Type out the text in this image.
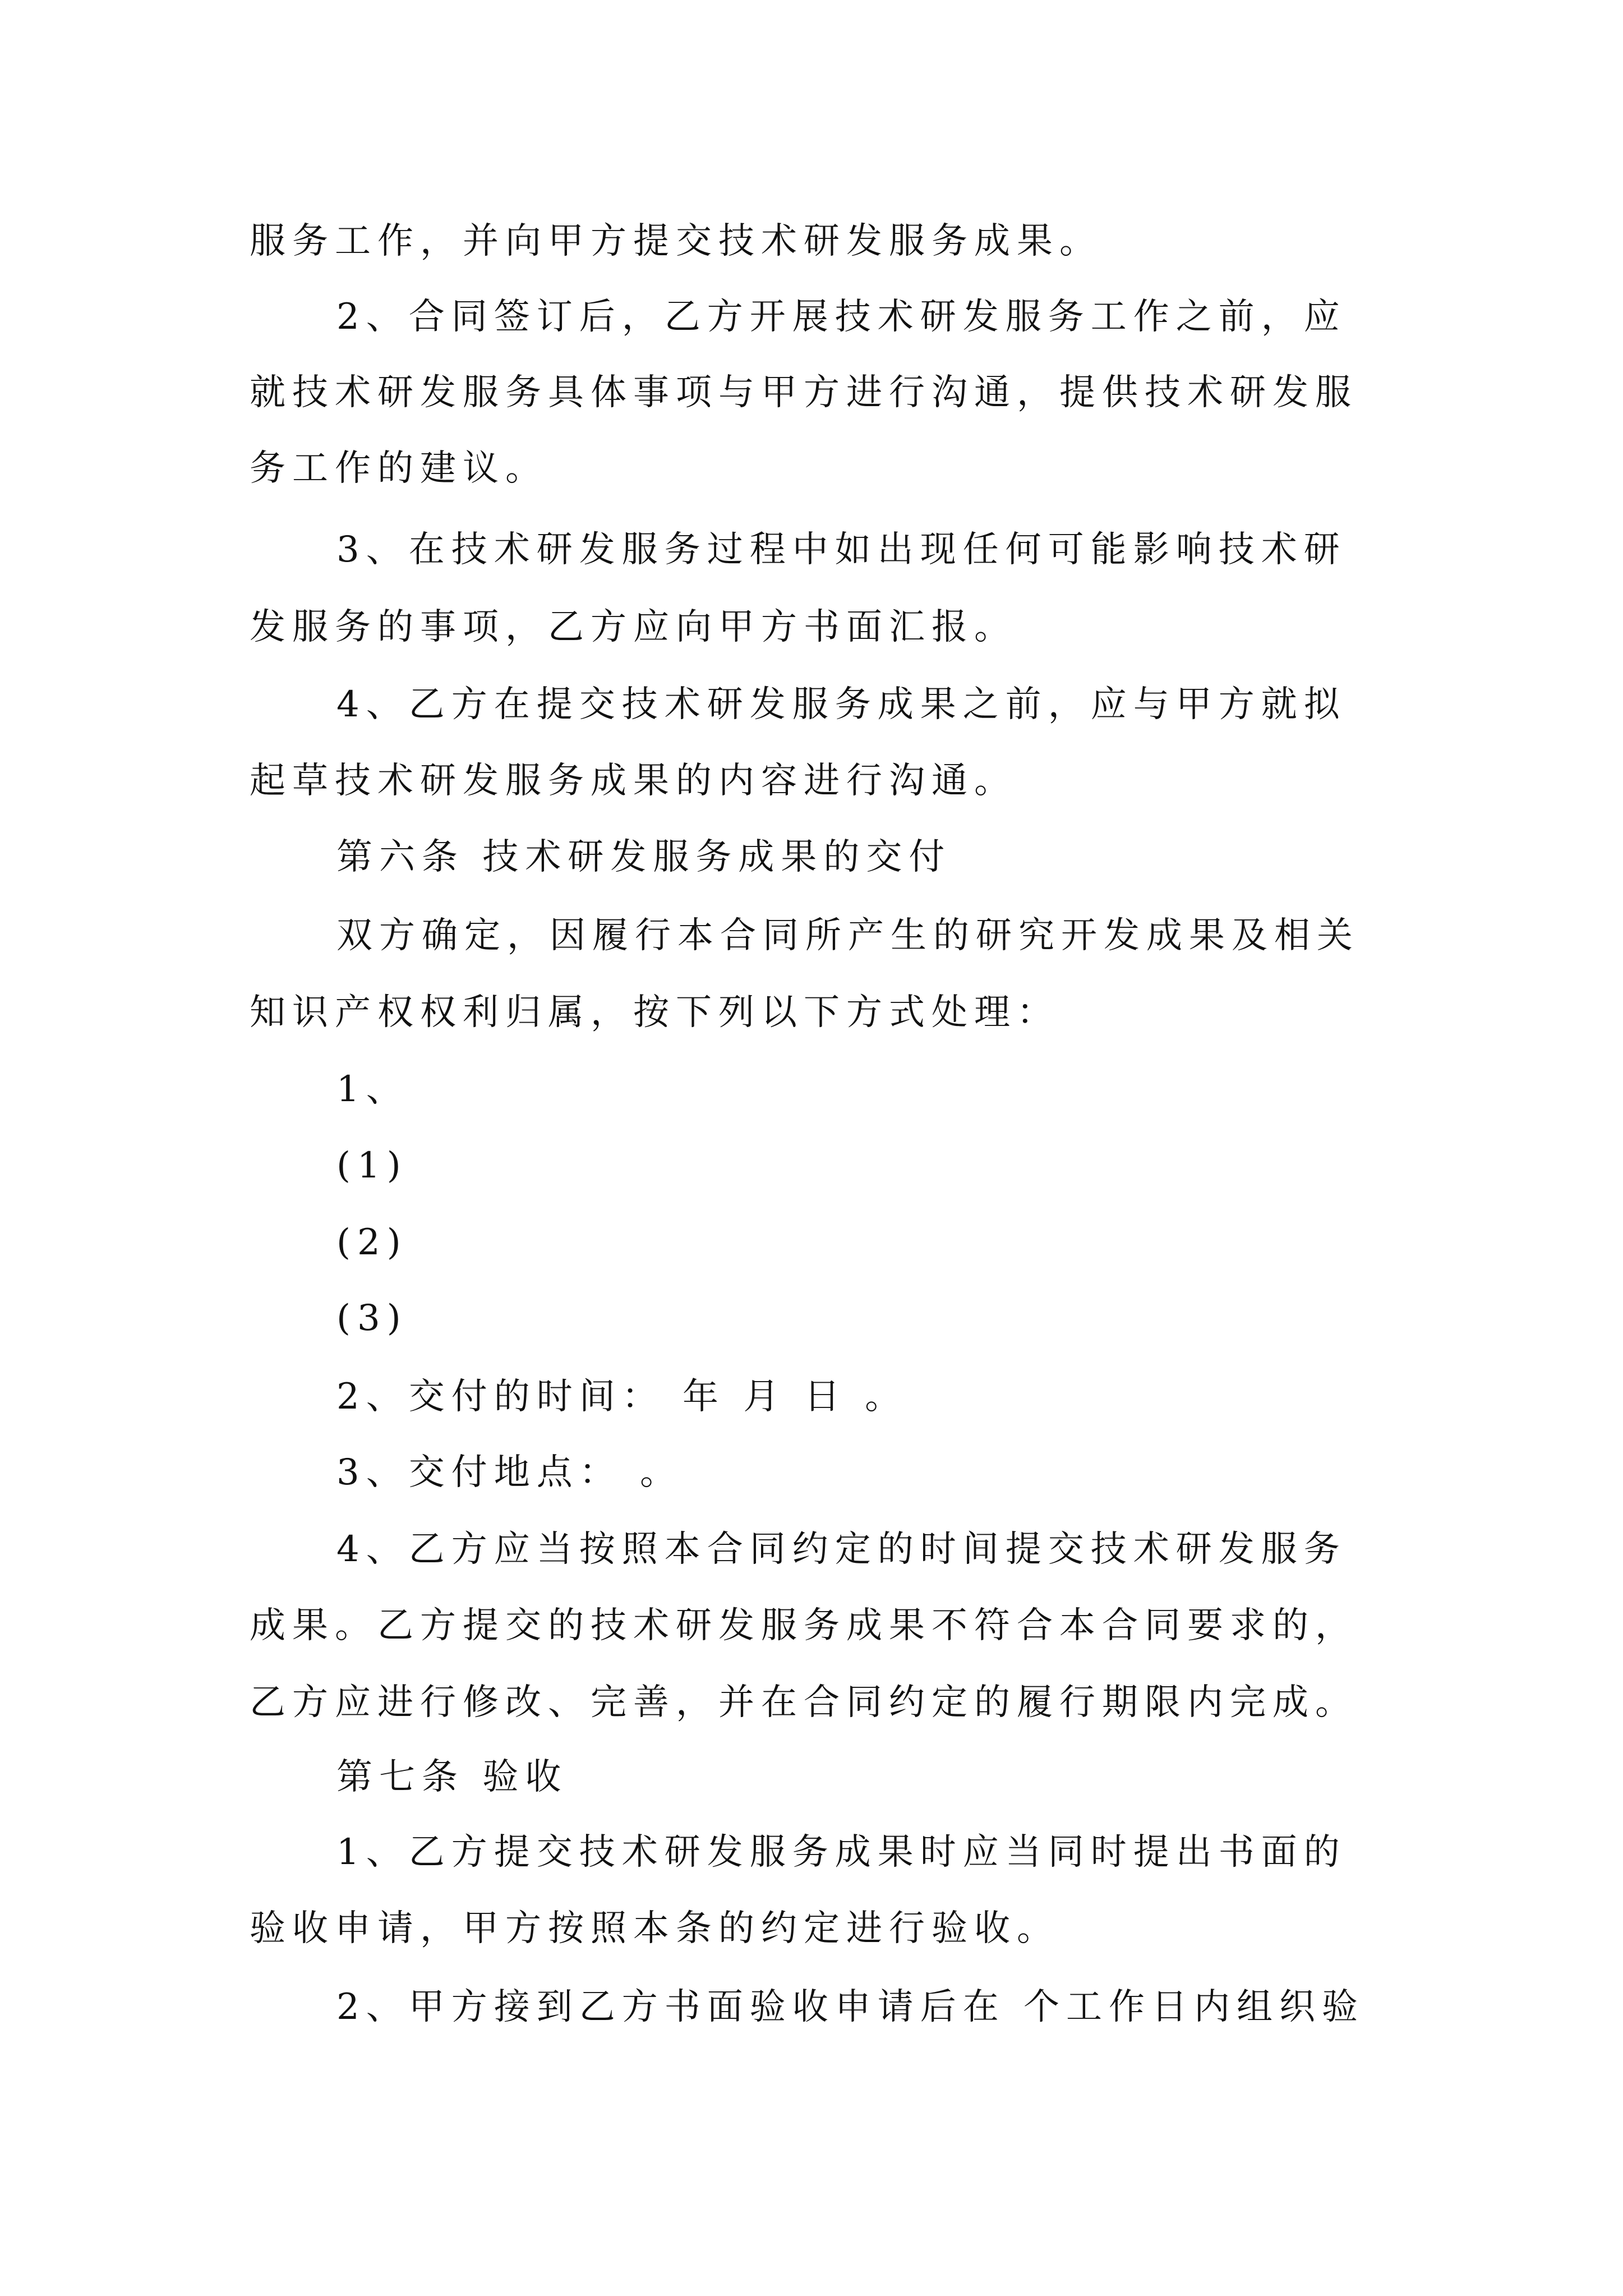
服务工作，并向甲方提交技术研发服务成果。

2、合同签订后，乙方开展技术研发服务工作之前，应

就技术研发服务具体事项与甲方进行沟通，提供技术研发服

务工作的建议。

3、在技术研发服务过程中如出现任何可能影响技术研

发服务的事项，乙方应向甲方书面汇报。

4、乙方在提交技术研发服务成果之前，应与甲方就拟

起草技术研发服务成果的内容进行沟通。

第六条 技术研发服务成果的交付

双方确定，因履行本合同所产生的研究开发成果及相关

知识产权权利归属，按下列以下方式处理：

1、

(1)

(2)

(3)

2、交付的时间： 年 月 日 。

3、交付地点： 。

4、乙方应当按照本合同约定的时间提交技术研发服务

成果。乙方提交的技术研发服务成果不符合本合同要求的，

乙方应进行修改、完善，并在合同约定的履行期限内完成。

第七条 验收

1、乙方提交技术研发服务成果时应当同时提出书面的

验收申请，甲方按照本条的约定进行验收。

2、甲方接到乙方书面验收申请后在 个工作日内组织验
